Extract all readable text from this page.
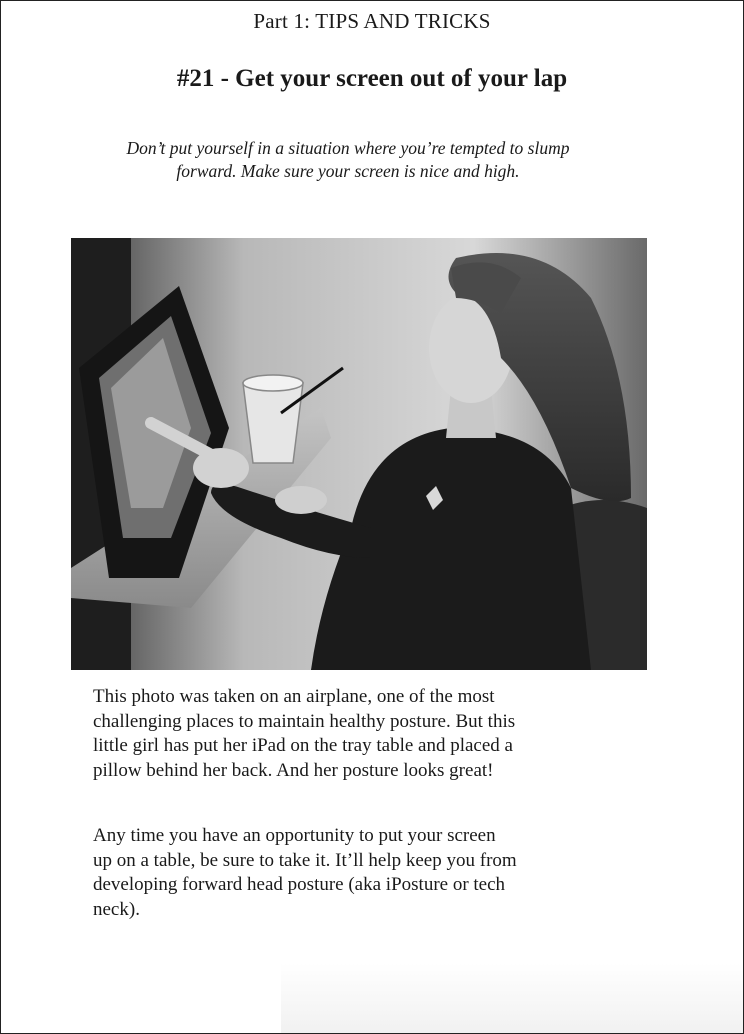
Part 1: TIPS AND TRICKS
#21 - Get your screen out of your lap
Don’t put yourself in a situation where you’re tempted to slump
forward. Make sure your screen is nice and high.
This photo was taken on an airplane, one of the most
challenging places to maintain healthy posture. But this
little girl has put her iPad on the tray table and placed a
pillow behind her back. And her posture looks great!
Any time you have an opportunity to put your screen
up on a table, be sure to take it. It’ll help keep you from
developing forward head posture (aka iPosture or tech
neck).
